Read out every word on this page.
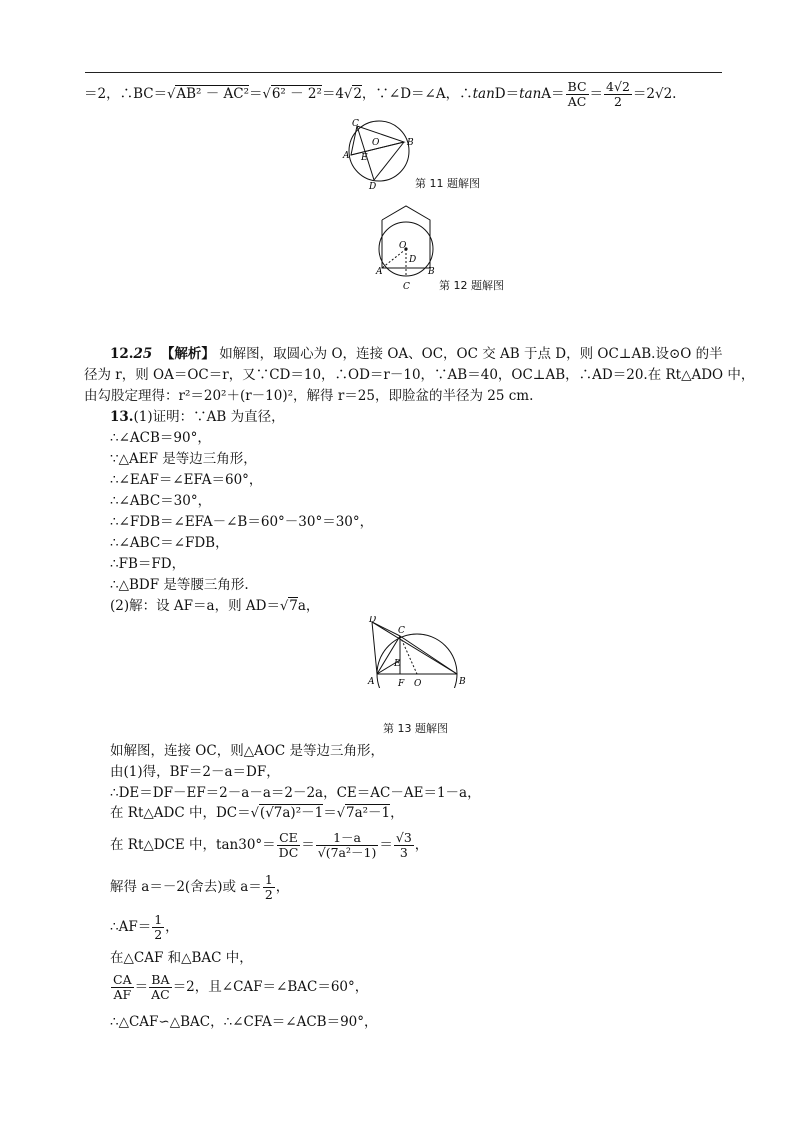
＝2，∴BC＝√AB² － AC²＝√6² － 2²＝4√2，∵∠D＝∠A，∴tanD＝tanA＝ $\frac{BC}{AC} = \frac{4√2}{2} =2√2$.
C
B
A
O
E
D	第 11 题解图
O
D
A	B
C	第 12 题解图
12.25 【解析】 如解图，取圆心为 O，连接 OA、OC，OC 交 AB 于点 D，则 OC⊥AB.设⊙O 的半
径为 r，则 OA＝OC＝r，又∵CD＝10，∴OD＝r－10，∵AB＝40，OC⊥AB，∴AD＝20.在 Rt△ADO 中，
由勾股定理得：r²＝20²＋(r－10)²，解得 r＝25，即脸盆的半径为 25 cm.
13.(1)证明：∵AB 为直径，
∴∠ACB＝90°，
∵△AEF 是等边三角形，
∴∠EAF＝∠EFA＝60°，
∴∠ABC＝30°，
∴∠FDB＝∠EFA－∠B＝60°－30°＝30°，
∴∠ABC＝∠FDB，
∴FB＝FD，
∴△BDF 是等腰三角形.
(2)解：设 AF＝a，则 AD＝√7a，
D
C
E
A	F O	B
第 13 题解图
如解图，连接 OC，则△AOC 是等边三角形，
由(1)得，BF＝2－a＝DF，
∴DE＝DF－EF＝2－a－a＝2－2a，CE＝AC－AE＝1－a，
在 Rt△ADC 中，DC＝√(√7a)²－1＝√7a²－1，
在 Rt△DCE 中，$\tan 30^\circ= \frac{CE}{DC} = \frac{1-a}{\text{√(7a²－1)}} = \frac{√3}{3}$ ，
解得 a＝－2(舍去)或 $a= \frac{1}{2}$ ，
∴AF＝ $\frac{1}{2}$ ，
在△CAF 和△BAC 中，
$\frac{CA}{AF} = \frac{BA}{AC} =2$，且∠CAF＝∠BAC＝60°，
∴△CAF∽△BAC，∴∠CFA＝∠ACB＝90°，
